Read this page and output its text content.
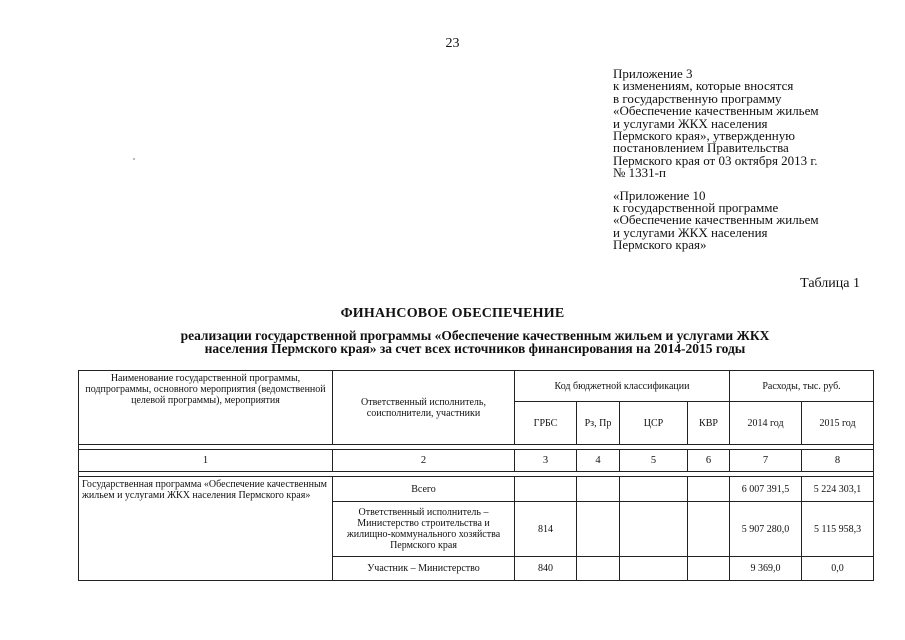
23
Приложение 3
к изменениям, которые вносятся
в государственную программу
«Обеспечение качественным жильем
и услугами ЖКХ населения
Пермского края», утвержденную
постановлением Правительства
Пермского края от 03 октября 2013 г.
№ 1331-п
«Приложение 10
к государственной программе
«Обеспечение качественным жильем
и услугами ЖКХ населения
Пермского края»
Таблица 1
ФИНАНСОВОЕ ОБЕСПЕЧЕНИЕ
реализации государственной программы «Обеспечение качественным жильем и услугами ЖКХ
населения Пермского края» за счет всех источников финансирования на 2014-2015 годы
Наименование государственной программы, подпрограммы, основного мероприятия (ведомственной целевой программы), мероприятия	Ответственный исполнитель, соисполнители, участники	Код бюджетной классификации				Расходы, тыс. руб.	
		ГРБС	Рз, Пр	ЦСР	КВР	2014 год	2015 год

1	2	3	4	5	6	7	8

Государственная программа «Обеспечение качественным жильем и услугами ЖКХ населения Пермского края»	Всего					6 007 391,5	5 224 303,1
	Ответственный исполнитель – Министерство строительства и жилищно-коммунального хозяйства Пермского края	814				5 907 280,0	5 115 958,3
	Участник – Министерство	840				9 369,0	0,0
